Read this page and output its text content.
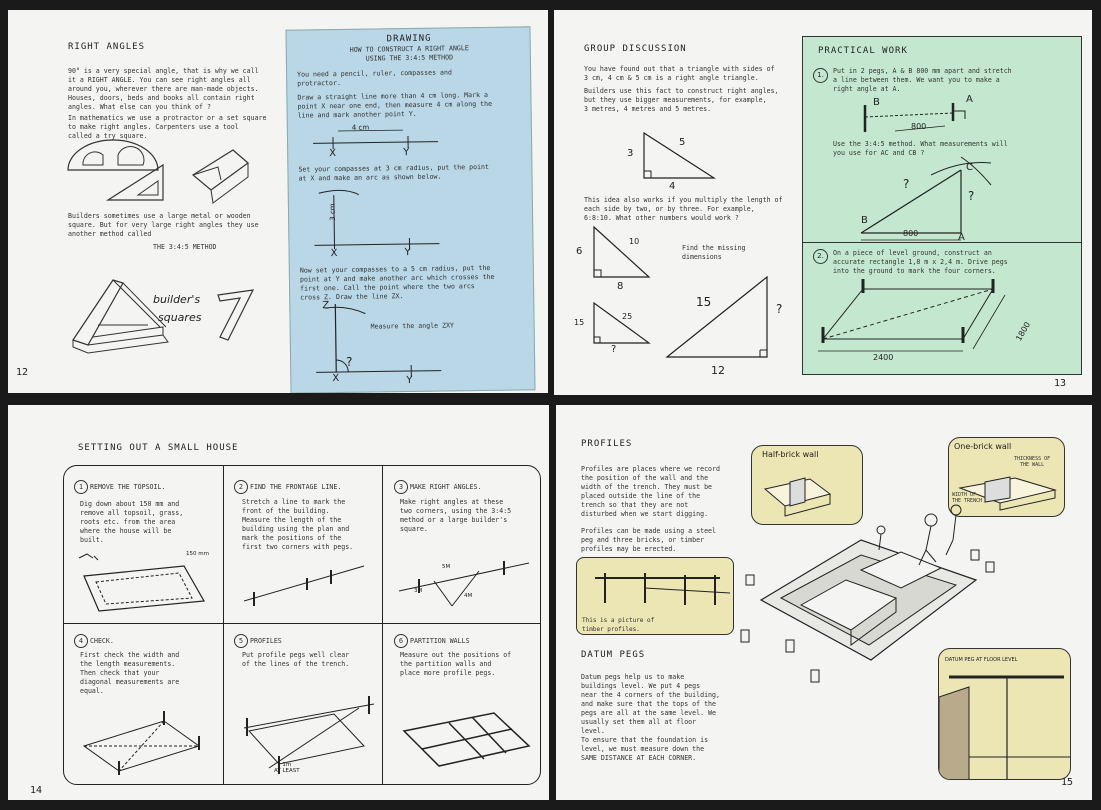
RIGHT ANGLES
90° is a very special angle, that is why we call
it a RIGHT ANGLE. You can see right angles all
around you, wherever there are man-made objects.
Houses, doors, beds and books all contain right
angles. What else can you think of ?
In mathematics we use a protractor or a set square
to make right angles. Carpenters use a tool
called a try square.
Builders sometimes use a large metal or wooden
square. But for very large right angles they use
another method called
THE 3:4:5 METHOD
builder's
squares
12
DRAWING
HOW TO CONSTRUCT A RIGHT ANGLE
USING THE 3:4:5 METHOD
You need a pencil, ruler, compasses and
protractor.
Draw a straight line more than 4 cm long. Mark a
point X near one end, then measure 4 cm along the
line and mark another point Y.
4 cm
X	Y
Set your compasses at 3 cm radius, put the point
at X and make an arc as shown below.
3 cm
X	Y
Now set your compasses to a 5 cm radius, put the
point at Y and make another arc which crosses the
first one. Call the point where the two arcs
cross Z. Draw the line ZX.
Z
Measure the angle ZXY
?
X	Y
GROUP DISCUSSION
You have found out that a triangle with sides of
3 cm, 4 cm & 5 cm is a right angle triangle.
Builders use this fact to construct right angles,
but they use bigger measurements, for example,
3 metres, 4 metres and 5 metres.
3
4
5
This idea also works if you multiply the length of
each side by two, or by three. For example,
6:8:10. What other numbers would work ?
6
8
10
Find the missing
dimensions
15
25
?
15	?
12
13
PRACTICAL WORK
1.	Put in 2 pegs, A & B 800 mm apart and stretch
a line between them. We want you to make a
right angle at A.
B	A
800
Use the 3:4:5 method. What measurements will
you use for AC and CB ?
C
?
?
B
A
800
2.	On a piece of level ground, construct an
accurate rectangle 1,8 m x 2,4 m. Drive pegs
into the ground to mark the four corners.
2400
1800
SETTING OUT A SMALL HOUSE
1 REMOVE THE TOPSOIL.
Dig down about 150 mm and
remove all topsoil, grass,
roots etc. from the area
where the house will be
built.
150 mm
2 FIND THE FRONTAGE LINE.
Stretch a line to mark the
front of the building.
Measure the length of the
building using the plan and
mark the positions of the
first two corners with pegs.
3 MAKE RIGHT ANGLES.
Make right angles at these
two corners, using the 3:4:5
method or a large builder's
square.
5M
3M
4M
4 CHECK.
First check the width and
the length measurements.
Then check that your
diagonal measurements are
equal.
5 PROFILES
Put profile pegs well clear
of the lines of the trench.
1m
AT LEAST
6 PARTITION WALLS
Measure out the positions of
the partition walls and
place more profile pegs.
14
PROFILES
Profiles are places where we record
the position of the wall and the
width of the trench. They must be
placed outside the line of the
trench so that they are not
disturbed when we start digging.
Profiles can be made using a steel
peg and three bricks, or timber
profiles may be erected.
This is a picture of
timber profiles.
DATUM PEGS
Datum pegs help us to make
buildings level. We put 4 pegs
near the 4 corners of the building,
and make sure that the tops of the
pegs are all at the same level. We
usually set them all at floor
level.
To ensure that the foundation is
level, we must measure down the
SAME DISTANCE AT EACH CORNER.
Half-brick wall
One-brick wall
THICKNESS OF
THE WALL
WIDTH OF
THE TRENCH
DATUM PEG AT FLOOR LEVEL
15
